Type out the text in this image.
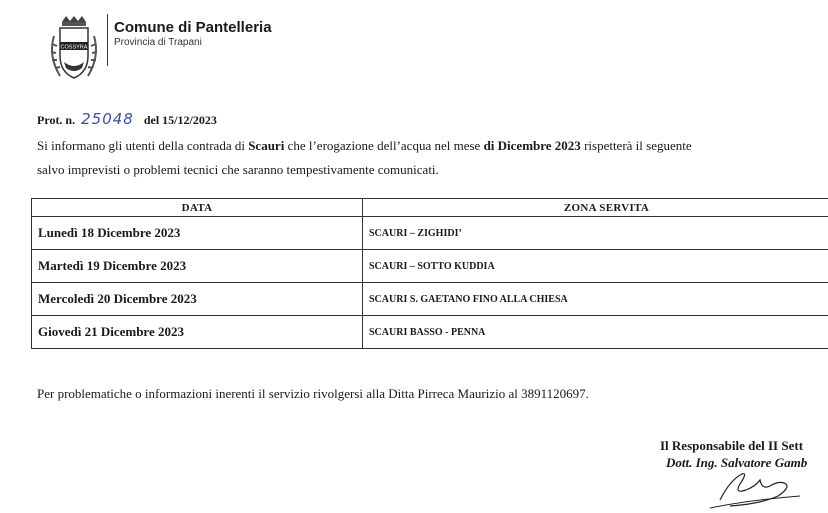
COSSYRA
Comune di Pantelleria
Provincia di Trapani
Prot. n. 25048 del 15/12/2023
Si informano gli utenti della contrada di Scauri che l’erogazione dell’acqua nel mese di Dicembre 2023 rispetterà il seguente
salvo imprevisti o problemi tecnici che saranno tempestivamente comunicati.
DATA	ZONA SERVITA
Lunedì 18 Dicembre 2023	SCAURI – ZIGHIDI’
Martedì 19 Dicembre 2023	SCAURI – SOTTO KUDDIA
Mercoledì 20 Dicembre 2023	SCAURI S. GAETANO FINO ALLA CHIESA
Giovedì 21 Dicembre 2023	SCAURI BASSO - PENNA
Per problematiche o informazioni inerenti il servizio rivolgersi alla Ditta Pirreca Maurizio al 3891120697.
Il Responsabile del II Sett
Dott. Ing. Salvatore Gamb
